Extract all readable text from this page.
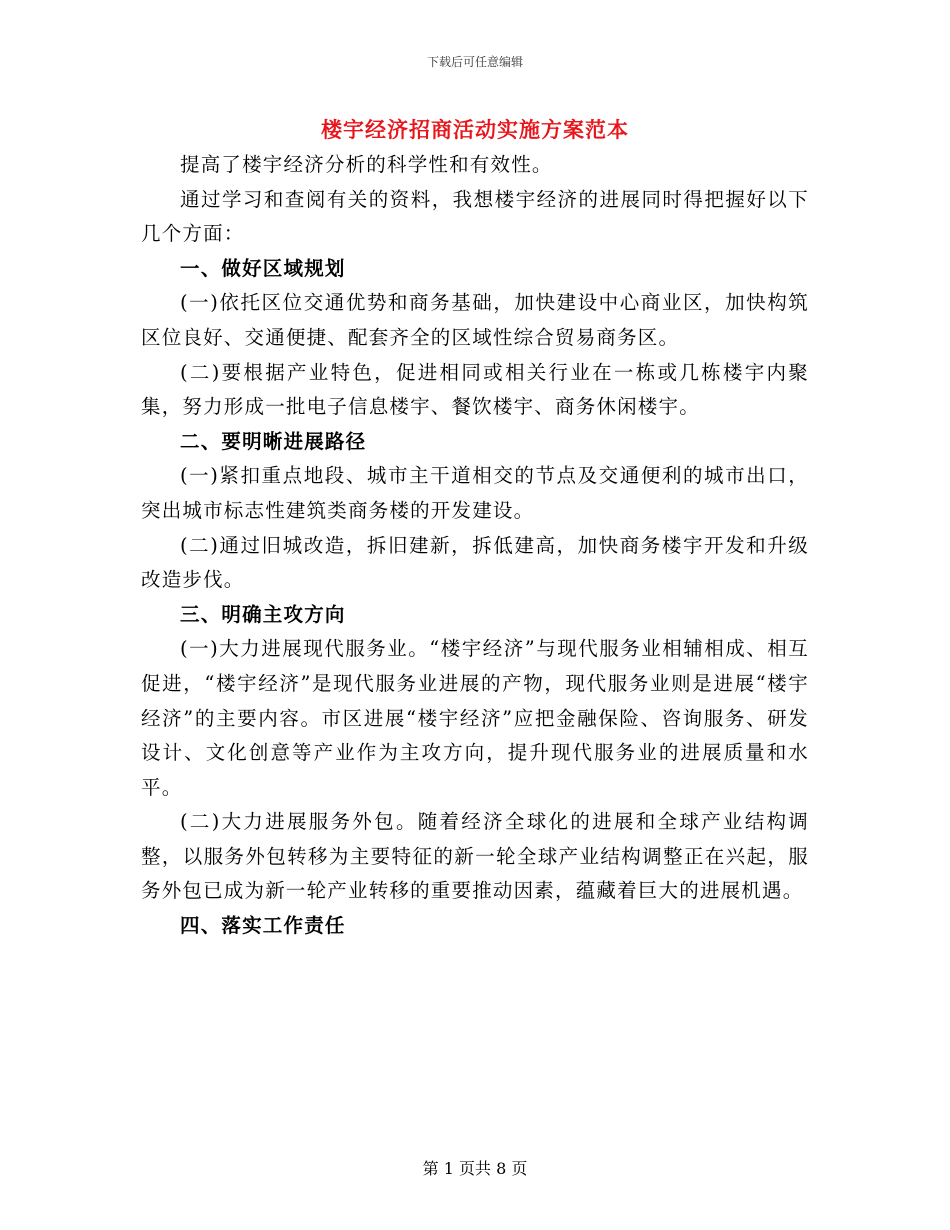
下载后可任意编辑
楼宇经济招商活动实施方案范本

提高了楼宇经济分析的科学性和有效性。

通过学习和查阅有关的资料，我想楼宇经济的进展同时得把握好以下几个方面：

一、做好区域规划

(一)依托区位交通优势和商务基础，加快建设中心商业区，加快构筑区位良好、交通便捷、配套齐全的区域性综合贸易商务区。

(二)要根据产业特色，促进相同或相关行业在一栋或几栋楼宇内聚集，努力形成一批电子信息楼宇、餐饮楼宇、商务休闲楼宇。

二、要明晰进展路径

(一)紧扣重点地段、城市主干道相交的节点及交通便利的城市出口，突出城市标志性建筑类商务楼的开发建设。

(二)通过旧城改造，拆旧建新，拆低建高，加快商务楼宇开发和升级改造步伐。

三、明确主攻方向

(一)大力进展现代服务业。“楼宇经济”与现代服务业相辅相成、相互促进，“楼宇经济”是现代服务业进展的产物，现代服务业则是进展“楼宇经济”的主要内容。市区进展“楼宇经济”应把金融保险、咨询服务、研发设计、文化创意等产业作为主攻方向，提升现代服务业的进展质量和水平。

(二)大力进展服务外包。随着经济全球化的进展和全球产业结构调整，以服务外包转移为主要特征的新一轮全球产业结构调整正在兴起，服务外包已成为新一轮产业转移的重要推动因素，蕴藏着巨大的进展机遇。

四、落实工作责任

第 1 页共 8 页
